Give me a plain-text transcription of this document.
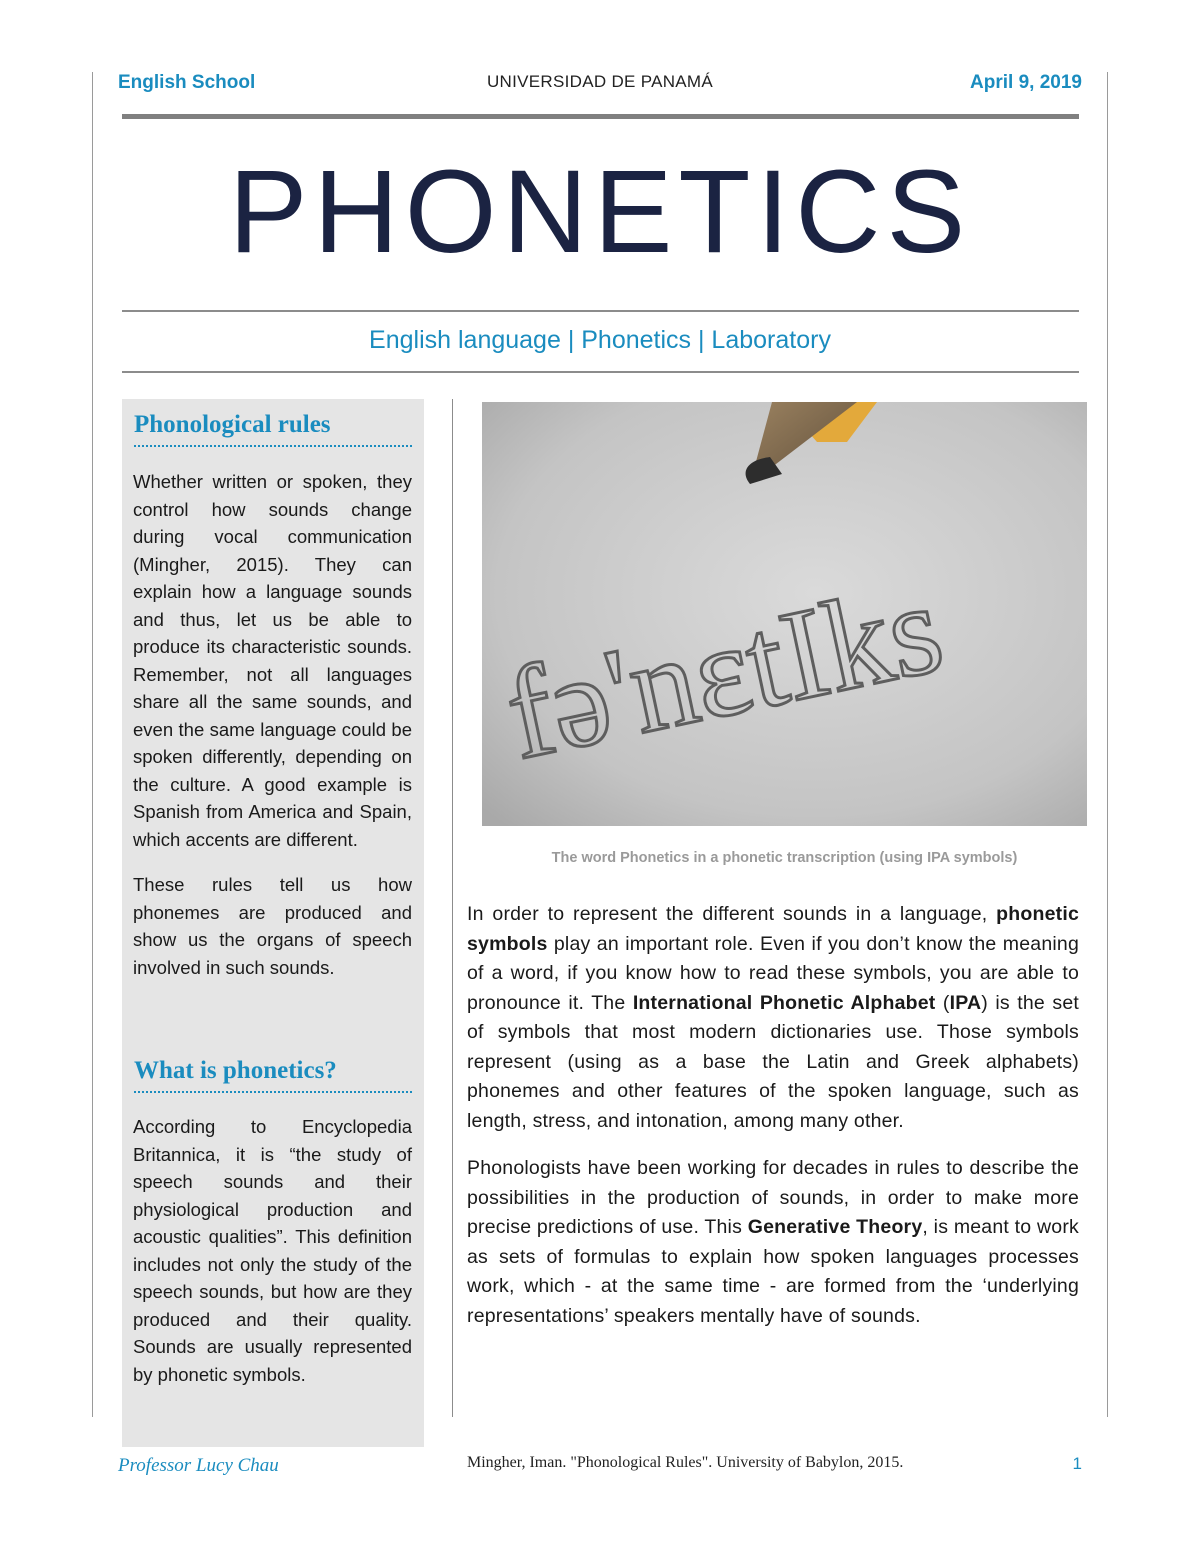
English School	UNIVERSIDAD DE PANAMÁ	April 9, 2019
PHONETICS
English language | Phonetics | Laboratory
Phonological rules

Whether written or spoken, they control how sounds change during vocal communication (Mingher, 2015). They can explain how a language sounds and thus, let us be able to produce its characteristic sounds. Remember, not all languages share all the same sounds, and even the same language could be spoken differently, depending on the culture. A good example is Spanish from America and Spain, which accents are different.

These rules tell us how phonemes are produced and show us the organs of speech involved in such sounds.

What is phonetics?

According to Encyclopedia Britannica, it is “the study of speech sounds and their physiological production and acoustic qualities”. This definition includes not only the study of the speech sounds, but how are they produced and their quality. Sounds are usually represented by phonetic symbols.

fə'nɛtIks
The word Phonetics in a phonetic transcription (using IPA symbols)

In order to represent the different sounds in a language, phonetic symbols play an important role. Even if you don’t know the meaning of a word, if you know how to read these symbols, you are able to pronounce it. The International Phonetic Alphabet (IPA) is the set of symbols that most modern dictionaries use. Those symbols represent (using as a base the Latin and Greek alphabets) phonemes and other features of the spoken language, such as length, stress, and intonation, among many other.

Phonologists have been working for decades in rules to describe the possibilities in the production of sounds, in order to make more precise predictions of use. This Generative Theory, is meant to work as sets of formulas to explain how spoken languages processes work, which - at the same time - are formed from the ‘underlying representations’ speakers mentally have of sounds.

Professor Lucy Chau	Mingher, Iman. "Phonological Rules". University of Babylon, 2015.	1
